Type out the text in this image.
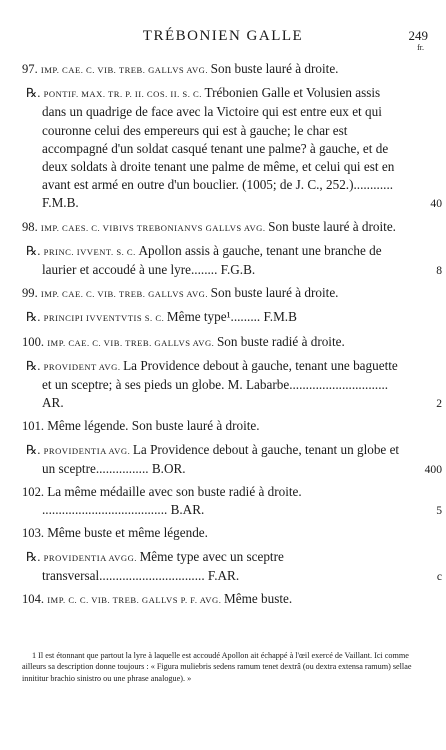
TRÉBONIEN GALLE	249
fr.
97. IMP. CAE. C. VIB. TREB. GALLVS AVG. Son buste lauré à droite.
℞. PONTIF. MAX. TR. P. II. COS. II. S. C. Trébonien Galle et Volusien assis dans un quadrige de face avec la Victoire qui est entre eux et qui couronne celui des empereurs qui est à gauche; le char est accompagné d'un soldat casqué tenant une palme? à gauche, et de deux soldats à droite tenant une palme de même, et celui qui est en avant est armé en outre d'un bouclier. (1005; de J. C., 252.)............ F.M.B.	40
98. IMP. CAES. C. VIBIVS TREBONIANVS GALLVS AVG. Son buste lauré à droite.
℞. PRINC. IVVENT. S. C. Apollon assis à gauche, tenant une branche de laurier et accoudé à une lyre........ F.G.B.	8
99. IMP. CAE. C. VIB. TREB. GALLVS AVG. Son buste lauré à droite.
℞. PRINCIPI IVVENTVTIS S. C. Même type¹......... F.M.B
100. IMP. CAE. C. VIB. TREB. GALLVS AVG. Son buste radié à droite.
℞. PROVIDENT AVG. La Providence debout à gauche, tenant une baguette et un sceptre; à ses pieds un globe. M. Labarbe.............................. AR.	2
101. Même légende. Son buste lauré à droite.
℞. PROVIDENTIA AVG. La Providence debout à gauche, tenant un globe et un sceptre................ B.OR.	400
102. La même médaille avec son buste radié à droite. ...................................... B.AR.	5
103. Même buste et même légende.
℞. PROVIDENTIA AVGG. Même type avec un sceptre transversal................................ F.AR.	c
104. IMP. C. C. VIB. TREB. GALLVS P. F. AVG. Même buste.
1 Il est étonnant que partout la lyre à laquelle est accoudé Apollon ait échappé à l'œil exercé de Vaillant. Ici comme ailleurs sa description donne toujours : « Figura muliebris sedens ramum tenet dextrâ (ou dextra extensa ramum) sellae innititur brachio sinistro ou une phrase analogue). »
